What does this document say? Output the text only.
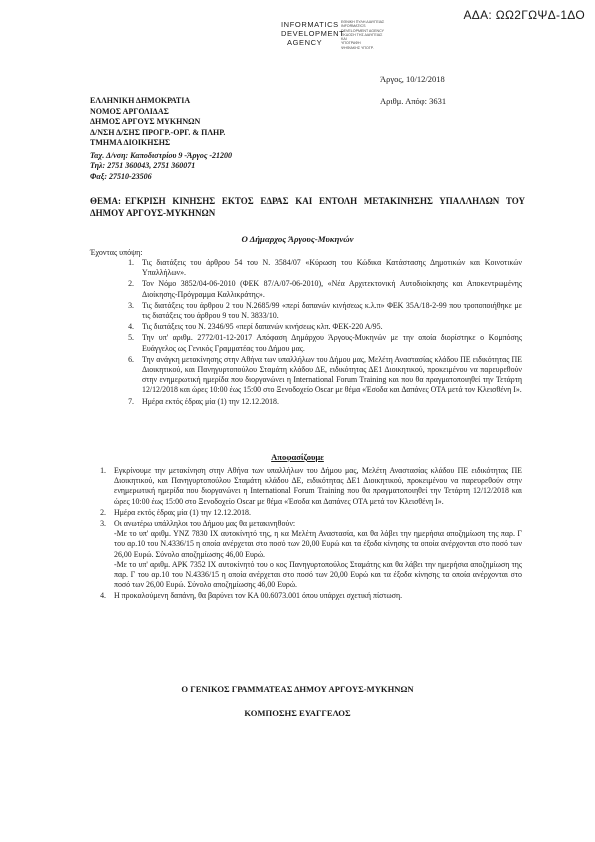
ΑΔΑ: ΩΩ2ΓΩΨΔ-1ΔΟ
INFORMATICS
DEVELOPMENT
AGENCY
ΕΘΝΙΚΗ ΠΥΛΗ ΔΙΑΥΓΕΙΑΣ
INFORMATICS
DEVELOPMENT AGENCY
ΕΚΔΟΣΗ ΤΗΣ ΔΙΑΥΓΕΙΑΣ
ΚΑΙ
ΥΠΟΓΡΑΦΗ
ΨΗΦΙΑΚΗΣ ΥΠΟΓΡ.
Άργος, 10/12/2018
Αριθμ. Απόφ: 3631
ΕΛΛΗΝΙΚΗ ΔΗΜΟΚΡΑΤΙΑ
ΝΟΜΟΣ ΑΡΓΟΛΙΔΑΣ
ΔΗΜΟΣ ΑΡΓΟΥΣ ΜΥΚΗΝΩΝ
Δ/ΝΣΗ Δ/ΣΗΣ ΠΡΟΓΡ.-ΟΡΓ. & ΠΛΗΡ.
ΤΜΗΜΑ ΔΙΟΙΚΗΣΗΣ
Ταχ. Δ/νση: Καποδιστρίου 9 -Άργος -21200
Τηλ: 2751 360043, 2751 360071
Φαξ: 27510-23506
ΘΕΜΑ: ΕΓΚΡΙΣΗ ΚΙΝΗΣΗΣ ΕΚΤΟΣ ΕΔΡΑΣ ΚΑΙ ΕΝΤΟΛΗ ΜΕΤΑΚΙΝΗΣΗΣ ΥΠΑΛΛΗΛΩΝ ΤΟΥ ΔΗΜΟΥ ΑΡΓΟΥΣ-ΜΥΚΗΝΩΝ
Ο Δήμαρχος Άργους-Μυκηνών
Έχοντας υπόψη:
1. Τις διατάξεις του άρθρου 54 του Ν. 3584/07 «Κύρωση του Κώδικα Κατάστασης Δημοτικών και Κοινοτικών Υπαλλήλων».
2. Τον Νόμο 3852/04-06-2010 (ΦΕΚ 87/Α/07-06-2010), «Νέα Αρχιτεκτονική Αυτοδιοίκησης και Αποκεντρωμένης Διοίκησης-Πρόγραμμα Καλλικράτης».
3. Τις διατάξεις του άρθρου 2 του Ν.2685/99 «περί δαπανών κινήσεως κ.λ.π» ΦΕΚ 35Α/18-2-99 που τροποποιήθηκε με τις διατάξεις του άρθρου 9 του Ν. 3833/10.
4. Τις διατάξεις του Ν. 2346/95 «περί δαπανών κινήσεως κλπ. ΦΕΚ-220 Α/95.
5. Την υπ' αριθμ. 2772/01-12-2017 Απόφαση Δημάρχου Άργους-Μυκηνών με την οποία διορίστηκε ο Κομπόσης Ευάγγελος ως Γενικός Γραμματέας του Δήμου μας.
6. Την ανάγκη μετακίνησης στην Αθήνα των υπαλλήλων του Δήμου μας, Μελέτη Αναστασίας κλάδου ΠΕ ειδικότητας ΠΕ Διοικητικού, και Πανηγυρτοπούλου Σταμάτη κλάδου ΔΕ, ειδικότητας ΔΕ1 Διοικητικού, προκειμένου να παρευρεθούν στην ενημερωτική ημερίδα που διοργανώνει η International Forum Training και που θα πραγματοποιηθεί την Τετάρτη 12/12/2018 και ώρες 10:00 έως 15:00 στο Ξενοδοχείο Oscar με θέμα «Έσοδα και Δαπάνες ΟΤΑ μετά τον Κλεισθένη Ι».
7. Ημέρα εκτός έδρας μία (1) την 12.12.2018.
Αποφασίζουμε
1. Εγκρίνουμε την μετακίνηση στην Αθήνα των υπαλλήλων του Δήμου μας, Μελέτη Αναστασίας κλάδου ΠΕ ειδικότητας ΠΕ Διοικητικού, και Πανηγυρτοπούλου Σταμάτη κλάδου ΔΕ, ειδικότητας ΔΕ1 Διοικητικού, προκειμένου να παρευρεθούν στην ενημερωτική ημερίδα που διοργανώνει η International Forum Training που θα πραγματοποιηθεί την Τετάρτη 12/12/2018 και ώρες 10:00 έως 15:00 στο Ξενοδοχείο Oscar με θέμα «Έσοδα και Δαπάνες ΟΤΑ μετά τον Κλεισθένη Ι».
2. Ημέρα εκτός έδρας μία (1) την 12.12.2018.
3. Οι ανωτέρω υπάλληλοι του Δήμου μας θα μετακινηθούν:
-Με το υπ' αριθμ. ΥΝΖ 7830 ΙΧ αυτοκίνητό της, η κα Μελέτη Αναστασία, και θα λάβει την ημερήσια αποζημίωση της παρ. Γ του αρ.10 του Ν.4336/15 η οποία ανέρχεται στο ποσό των 20,00 Ευρώ και τα έξοδα κίνησης τα οποία ανέρχονται στο ποσό των 26,00 Ευρώ. Σύνολο αποζημίωσης 46,00 Ευρώ.
-Με το υπ' αριθμ. ΑΡΚ 7352 ΙΧ αυτοκίνητό του ο κος Πανηγυρτοπούλος Σταμάτης και θα λάβει την ημερήσια αποζημίωση της παρ. Γ του αρ.10 του Ν.4336/15 η οποία ανέρχεται στο ποσό των 20,00 Ευρώ και τα έξοδα κίνησης τα οποία ανέρχονται στο ποσό των 26,00 Ευρώ. Σύνολο αποζημίωσης 46,00 Ευρώ.
4. Η προκαλούμενη δαπάνη, θα βαρύνει τον ΚΑ 00.6073.001 όπου υπάρχει σχετική πίστωση.
Ο ΓΕΝΙΚΟΣ ΓΡΑΜΜΑΤΕΑΣ ΔΗΜΟΥ ΑΡΓΟΥΣ-ΜΥΚΗΝΩΝ
ΚΟΜΠΟΣΗΣ ΕΥΑΓΓΕΛΟΣ
